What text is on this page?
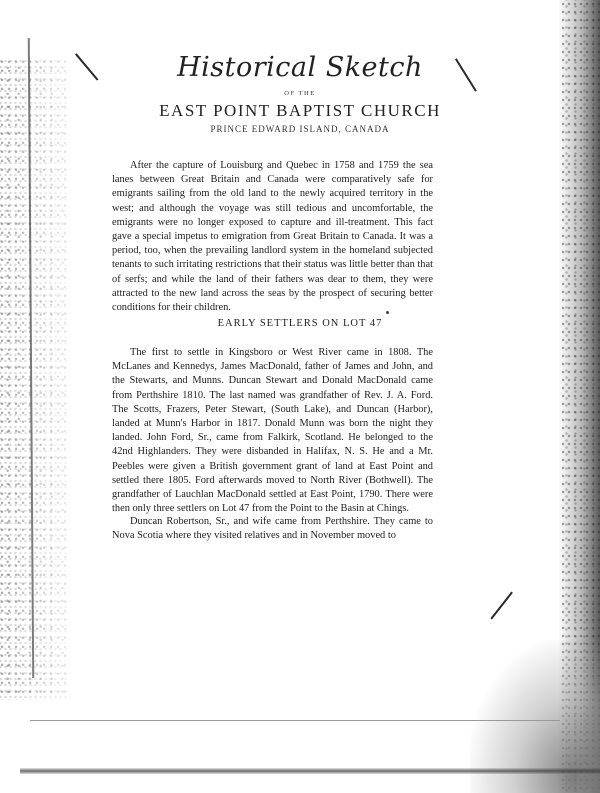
Historical Sketch
OF THE
EAST POINT BAPTIST CHURCH
PRINCE EDWARD ISLAND, CANADA

After the capture of Louisburg and Quebec in 1758 and 1759 the sea lanes between Great Britain and Canada were comparatively safe for emigrants sailing from the old land to the newly acquired territory in the west; and although the voyage was still tedious and uncomfortable, the emigrants were no longer exposed to capture and ill-treatment. This fact gave a special impetus to emigration from Great Britain to Canada. It was a period, too, when the prevailing landlord system in the homeland subjected tenants to such irritating restrictions that their status was little better than that of serfs; and while the land of their fathers was dear to them, they were attracted to the new land across the seas by the prospect of securing better conditions for their children.

EARLY SETTLERS ON LOT 47

The first to settle in Kingsboro or West River came in 1808. The McLanes and Kennedys, James MacDonald, father of James and John, and the Stewarts, and Munns. Duncan Stewart and Donald MacDonald came from Perthshire 1810. The last named was grandfather of Rev. J. A. Ford. The Scotts, Frazers, Peter Stewart, (South Lake), and Duncan (Harbor), landed at Munn's Harbor in 1817. Donald Munn was born the night they landed. John Ford, Sr., came from Falkirk, Scotland. He belonged to the 42nd Highlanders. They were disbanded in Halifax, N. S. He and a Mr. Peebles were given a British government grant of land at East Point and settled there 1805. Ford afterwards moved to North River (Bothwell). The grandfather of Lauchlan MacDonald settled at East Point, 1790. There were then only three settlers on Lot 47 from the Point to the Basin at Chings.

Duncan Robertson, Sr., and wife came from Perthshire. They came to Nova Scotia where they visited relatives and in November moved to
